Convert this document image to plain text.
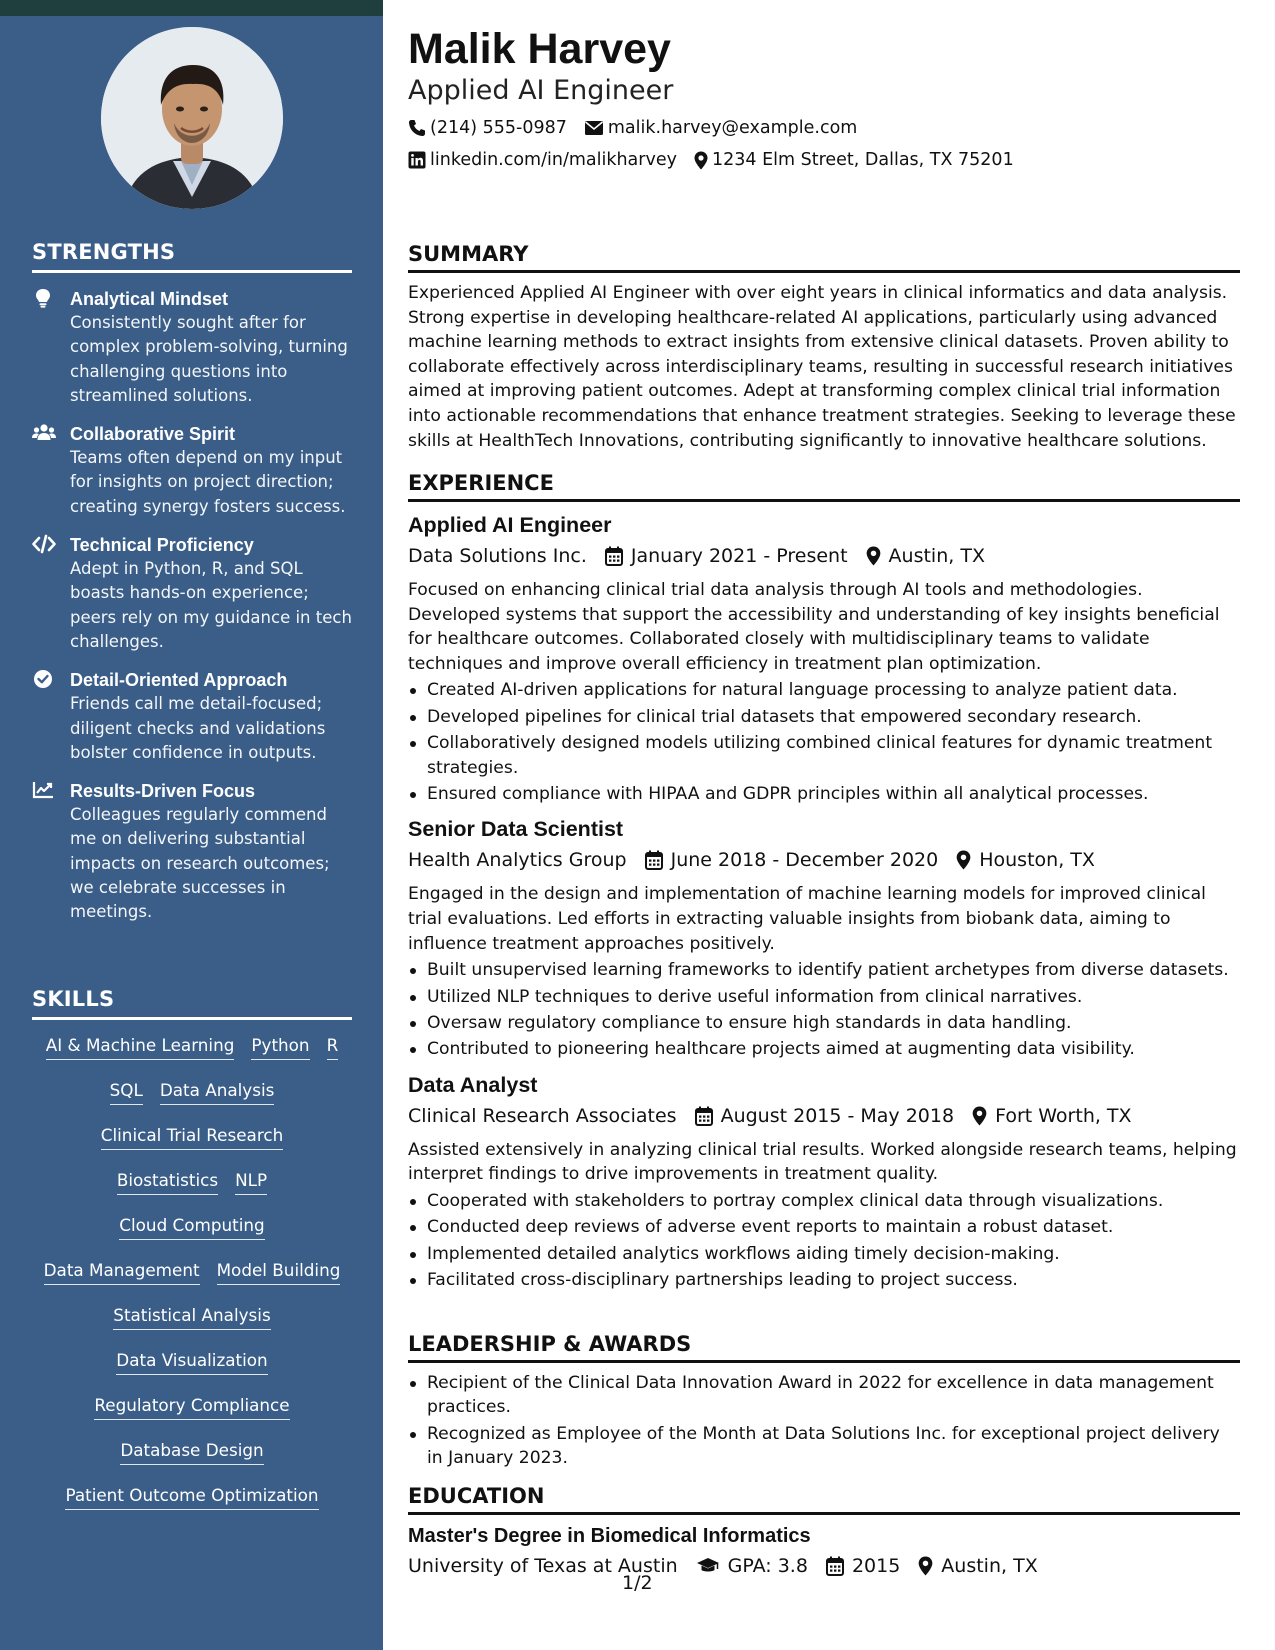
STRENGTHS
Analytical Mindset
Consistently sought after for complex problem-solving, turning challenging questions into streamlined solutions.
Collaborative Spirit
Teams often depend on my input for insights on project direction; creating synergy fosters success.
Technical Proficiency
Adept in Python, R, and SQL boasts hands-on experience; peers rely on my guidance in tech challenges.
Detail-Oriented Approach
Friends call me detail-focused; diligent checks and validations bolster confidence in outputs.
Results-Driven Focus
Colleagues regularly commend me on delivering substantial impacts on research outcomes; we celebrate successes in meetings.
SKILLS
AI & Machine Learning Python R
SQL Data Analysis
Clinical Trial Research
Biostatistics NLP
Cloud Computing
Data Management Model Building
Statistical Analysis
Data Visualization
Regulatory Compliance
Database Design
Patient Outcome Optimization
Malik Harvey
Applied AI Engineer
(214) 555-0987 malik.harvey@example.com
linkedin.com/in/malikharvey 1234 Elm Street, Dallas, TX 75201
SUMMARY
Experienced Applied AI Engineer with over eight years in clinical informatics and data analysis. Strong expertise in developing healthcare-related AI applications, particularly using advanced machine learning methods to extract insights from extensive clinical datasets. Proven ability to collaborate effectively across interdisciplinary teams, resulting in successful research initiatives aimed at improving patient outcomes. Adept at transforming complex clinical trial information into actionable recommendations that enhance treatment strategies. Seeking to leverage these skills at HealthTech Innovations, contributing significantly to innovative healthcare solutions.
EXPERIENCE
Applied AI Engineer
Data Solutions Inc. January 2021 - Present Austin, TX
Focused on enhancing clinical trial data analysis through AI tools and methodologies. Developed systems that support the accessibility and understanding of key insights beneficial for healthcare outcomes. Collaborated closely with multidisciplinary teams to validate techniques and improve overall efficiency in treatment plan optimization.
Created AI-driven applications for natural language processing to analyze patient data.
Developed pipelines for clinical trial datasets that empowered secondary research.
Collaboratively designed models utilizing combined clinical features for dynamic treatment strategies.
Ensured compliance with HIPAA and GDPR principles within all analytical processes.
Senior Data Scientist
Health Analytics Group June 2018 - December 2020 Houston, TX
Engaged in the design and implementation of machine learning models for improved clinical trial evaluations. Led efforts in extracting valuable insights from biobank data, aiming to influence treatment approaches positively.
Built unsupervised learning frameworks to identify patient archetypes from diverse datasets.
Utilized NLP techniques to derive useful information from clinical narratives.
Oversaw regulatory compliance to ensure high standards in data handling.
Contributed to pioneering healthcare projects aimed at augmenting data visibility.
Data Analyst
Clinical Research Associates August 2015 - May 2018 Fort Worth, TX
Assisted extensively in analyzing clinical trial results. Worked alongside research teams, helping interpret findings to drive improvements in treatment quality.
Cooperated with stakeholders to portray complex clinical data through visualizations.
Conducted deep reviews of adverse event reports to maintain a robust dataset.
Implemented detailed analytics workflows aiding timely decision-making.
Facilitated cross-disciplinary partnerships leading to project success.
LEADERSHIP & AWARDS
Recipient of the Clinical Data Innovation Award in 2022 for excellence in data management practices.
Recognized as Employee of the Month at Data Solutions Inc. for exceptional project delivery in January 2023.
EDUCATION
Master's Degree in Biomedical Informatics
University of Texas at Austin	GPA: 3.8 2015 Austin, TX
1/2
